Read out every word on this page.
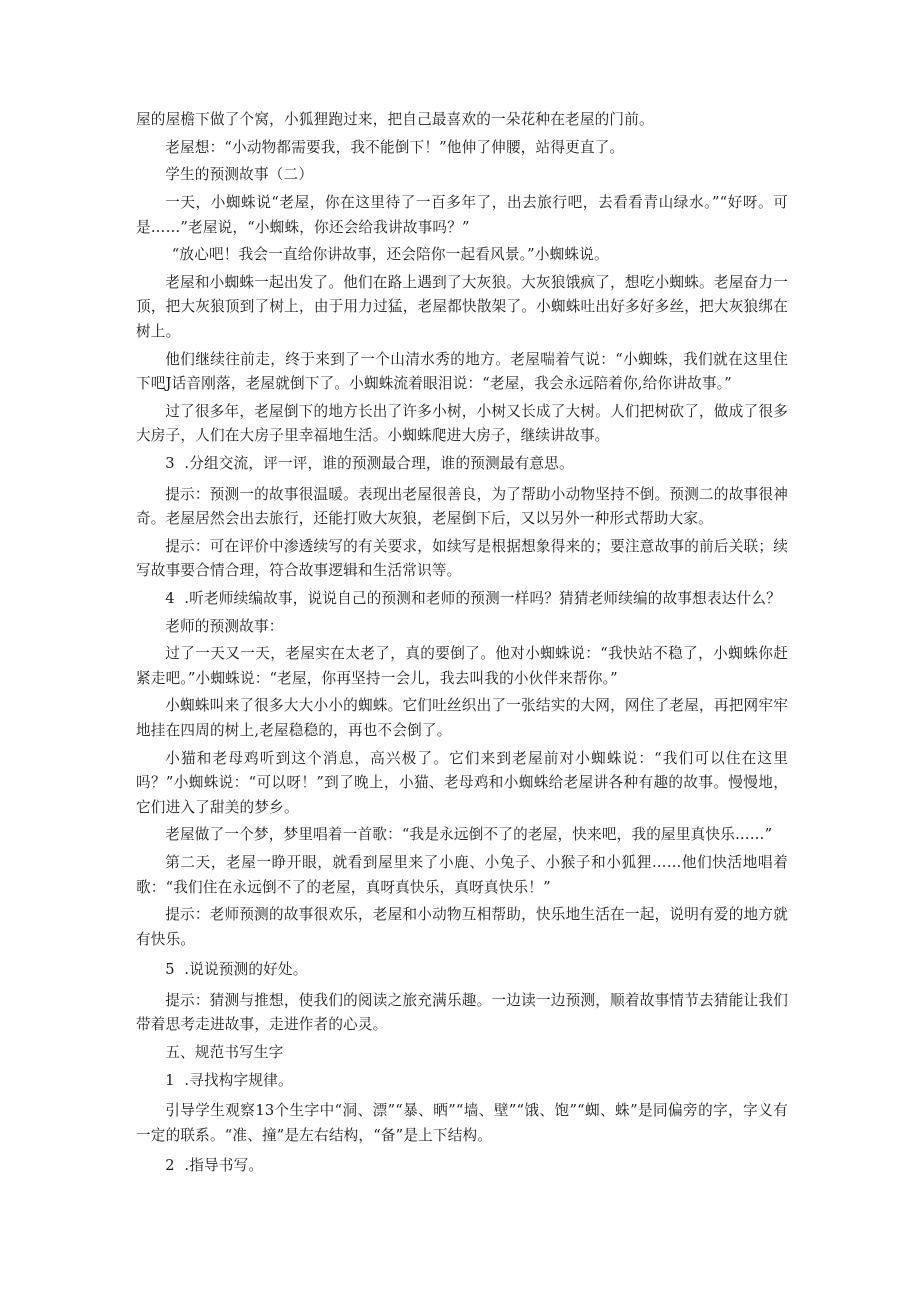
屋的屋檐下做了个窝，小狐狸跑过来，把自己最喜欢的一朵花种在老屋的门前。

老屋想：“小动物都需要我，我不能倒下！”他伸了伸腰，站得更直了。

学生的预测故事（二）

一天，小蜘蛛说“老屋，你在这里待了一百多年了，出去旅行吧，去看看青山绿水。”“好呀。可是……”老屋说，“小蜘蛛，你还会给我讲故事吗？”

“放心吧！我会一直给你讲故事，还会陪你一起看风景。”小蜘蛛说。

老屋和小蜘蛛一起出发了。他们在路上遇到了大灰狼。大灰狼饿疯了，想吃小蜘蛛。老屋奋力一顶，把大灰狼顶到了树上，由于用力过猛，老屋都快散架了。小蜘蛛吐出好多好多丝，把大灰狼绑在树上。

他们继续往前走，终于来到了一个山清水秀的地方。老屋喘着气说：“小蜘蛛，我们就在这里住下吧J话音刚落，老屋就倒下了。小蜘蛛流着眼泪说：“老屋，我会永远陪着你,给你讲故事。”

过了很多年，老屋倒下的地方长出了许多小树，小树又长成了大树。人们把树砍了，做成了很多大房子，人们在大房子里幸福地生活。小蜘蛛爬进大房子，继续讲故事。

3  .分组交流，评一评，谁的预测最合理，谁的预测最有意思。

提示：预测一的故事很温暖。表现出老屋很善良，为了帮助小动物坚持不倒。预测二的故事很神奇。老屋居然会出去旅行，还能打败大灰狼，老屋倒下后，又以另外一种形式帮助大家。

提示：可在评价中渗透续写的有关要求，如续写是根据想象得来的；要注意故事的前后关联；续写故事要合情合理，符合故事逻辑和生活常识等。

4  .听老师续编故事，说说自己的预测和老师的预测一样吗？猜猜老师续编的故事想表达什么？

老师的预测故事：

过了一天又一天，老屋实在太老了，真的要倒了。他对小蜘蛛说：“我快站不稳了，小蜘蛛你赶紧走吧。”小蜘蛛说：“老屋，你再坚持一会儿，我去叫我的小伙伴来帮你。”

小蜘蛛叫来了很多大大小小的蜘蛛。它们吐丝织出了一张结实的大网，网住了老屋，再把网牢牢地挂在四周的树上,老屋稳稳的，再也不会倒了。

小猫和老母鸡听到这个消息，高兴极了。它们来到老屋前对小蜘蛛说：“我们可以住在这里吗？”小蜘蛛说：“可以呀！”到了晚上，小猫、老母鸡和小蜘蛛给老屋讲各种有趣的故事。慢慢地，它们进入了甜美的梦乡。

老屋做了一个梦，梦里唱着一首歌：“我是永远倒不了的老屋，快来吧，我的屋里真快乐……”

第二天，老屋一睁开眼，就看到屋里来了小鹿、小兔子、小猴子和小狐狸……他们快活地唱着歌：“我们住在永远倒不了的老屋，真呀真快乐，真呀真快乐！”

提示：老师预测的故事很欢乐，老屋和小动物互相帮助，快乐地生活在一起，说明有爱的地方就有快乐。

5  .说说预测的好处。

提示：猜测与推想，使我们的阅读之旅充满乐趣。一边读一边预测，顺着故事情节去猜能让我们带着思考走进故事，走进作者的心灵。

五、规范书写生字

1  .寻找构字规律。

引导学生观察13个生字中“洞、漂”“暴、晒”“墙、壁”“饿、饱”“蜘、蛛”是同偏旁的字，字义有一定的联系。“准、撞”是左右结构，“备”是上下结构。

2  .指导书写。
